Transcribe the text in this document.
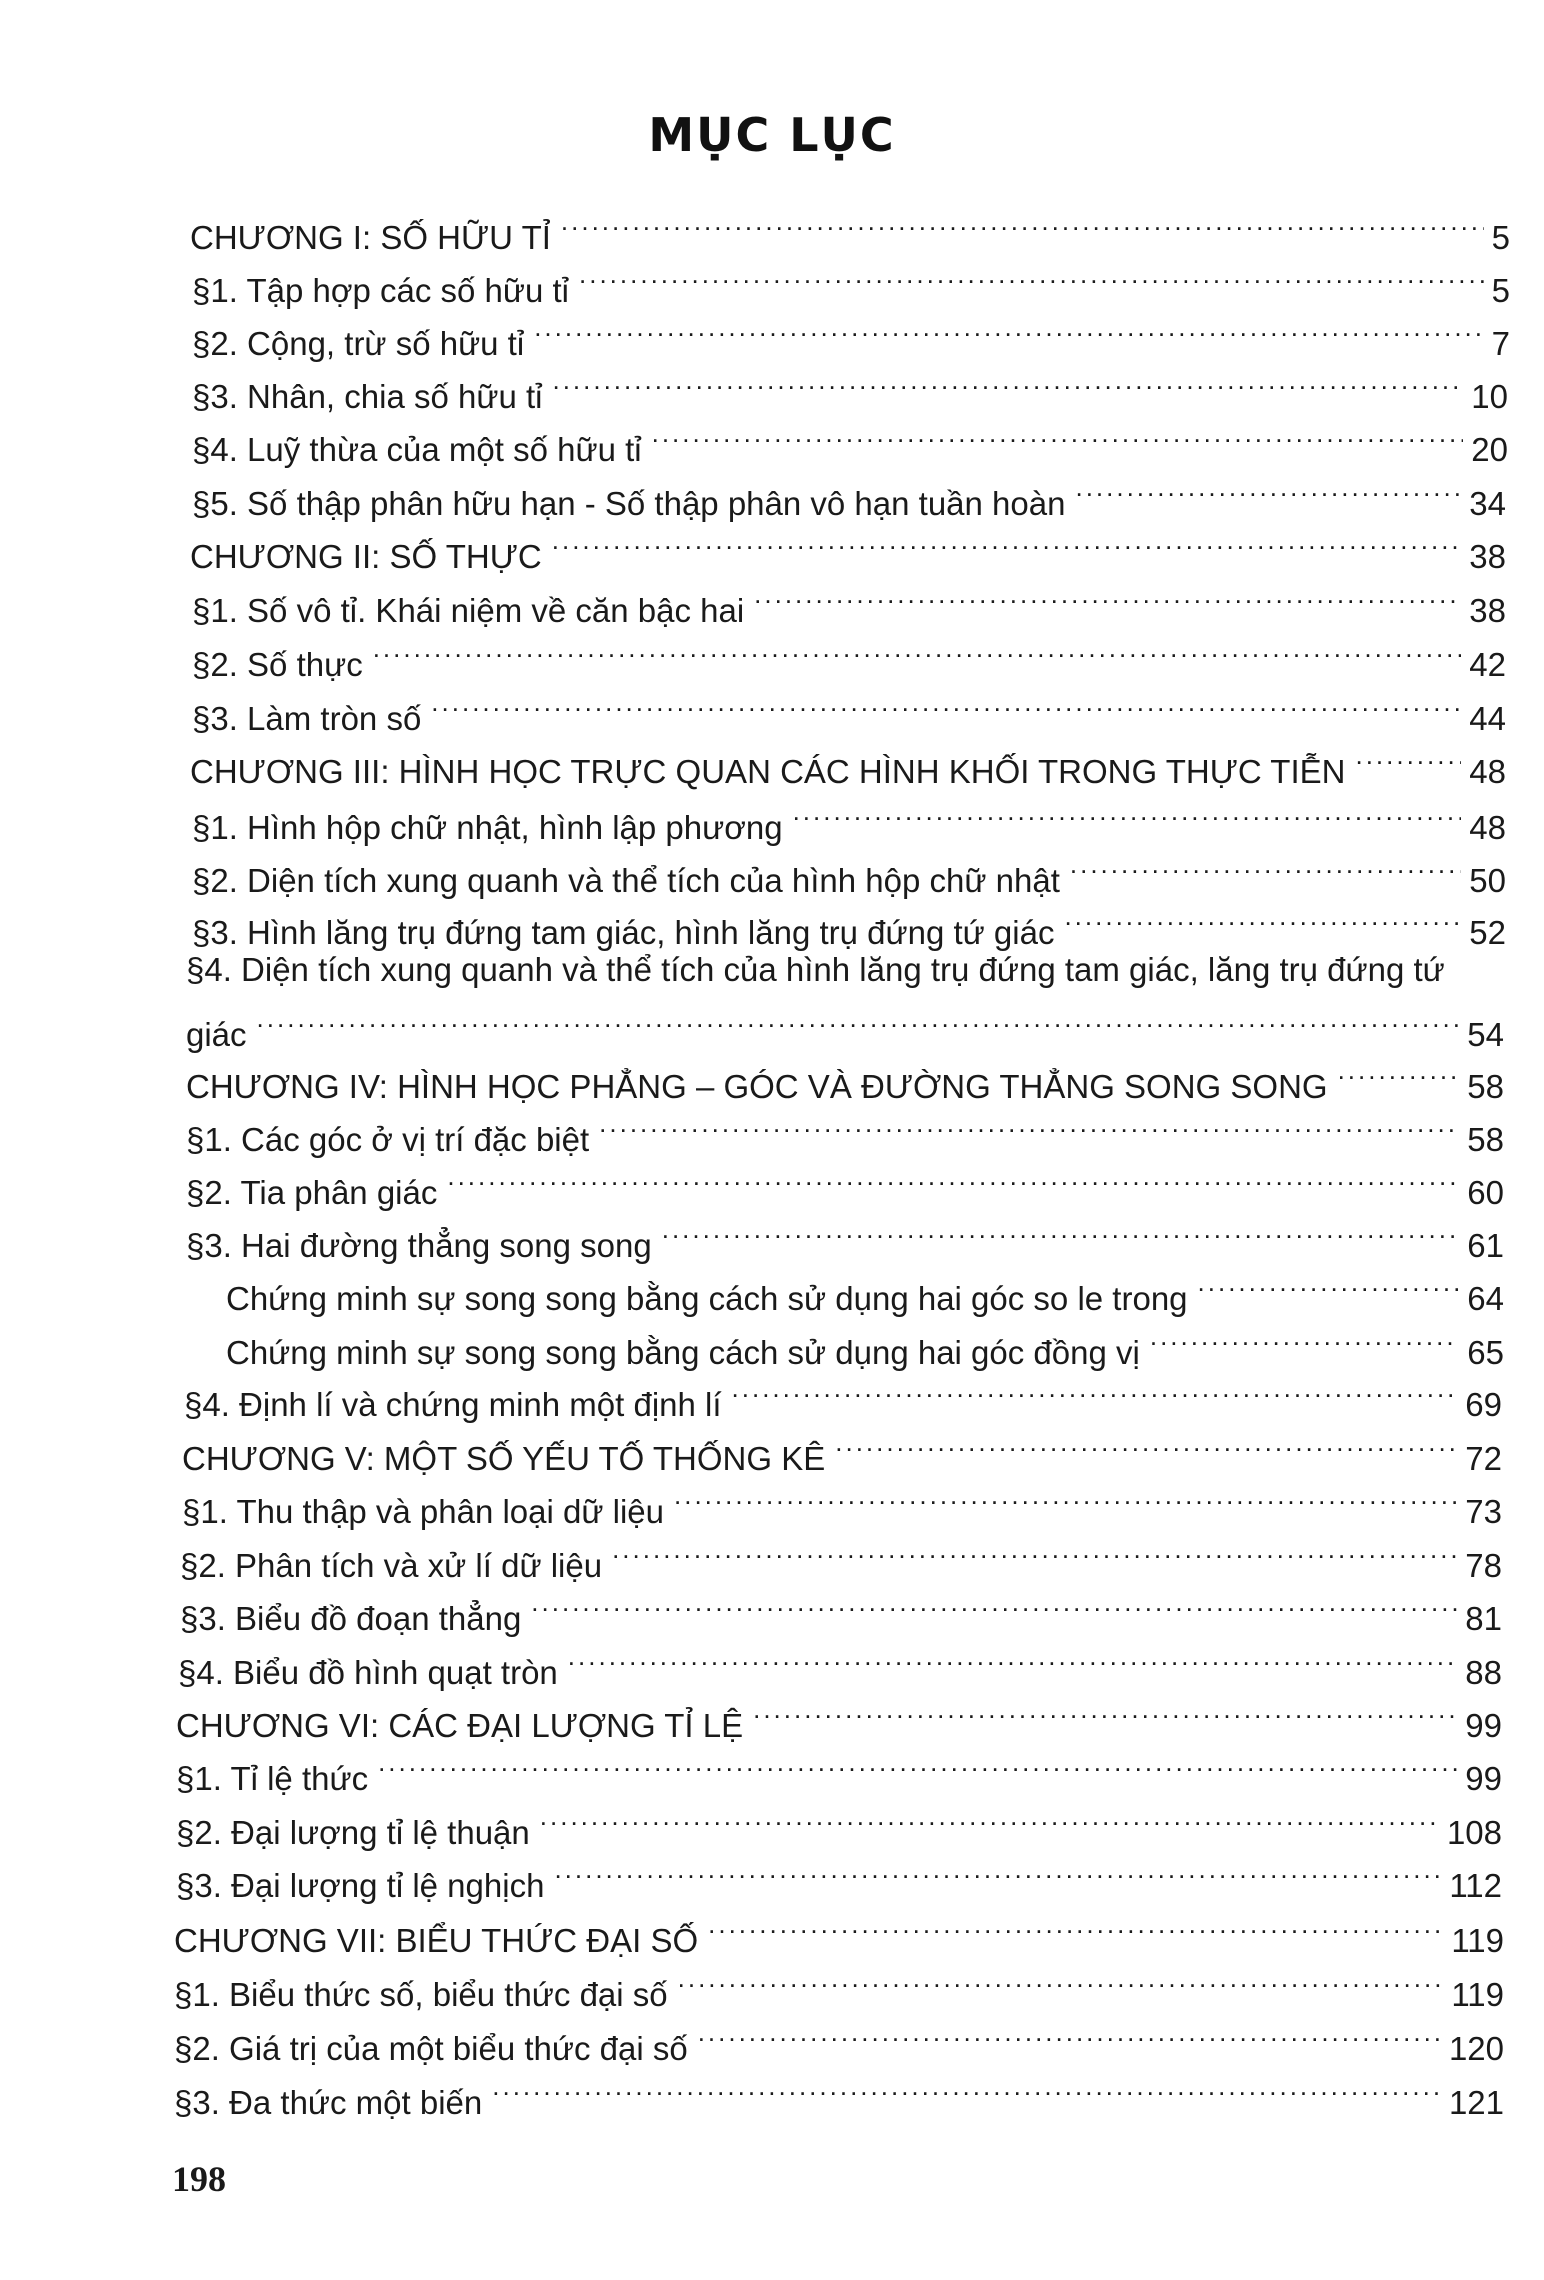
MỤC LỤC
198
CHƯƠNG I: SỐ HỮU TỈ .....	5
§1. Tập hợp các số hữu tỉ .....	5
§2. Cộng, trừ số hữu tỉ .....	7
§3. Nhân, chia số hữu tỉ .....	10
§4. Luỹ thừa của một số hữu tỉ .....	20
§5. Số thập phân hữu hạn - Số thập phân vô hạn tuần hoàn .....	34
CHƯƠNG II: SỐ THỰC .....	38
§1. Số vô tỉ. Khái niệm về căn bậc hai .....	38
§2. Số thực .....	42
§3. Làm tròn số .....	44
CHƯƠNG III: HÌNH HỌC TRỰC QUAN CÁC HÌNH KHỐI TRONG THỰC TIỄN .....	48
§1. Hình hộp chữ nhật, hình lập phương .....	48
§2. Diện tích xung quanh và thể tích của hình hộp chữ nhật .....	50
§3. Hình lăng trụ đứng tam giác, hình lăng trụ đứng tứ giác .....	52
§4. Diện tích xung quanh và thể tích của hình lăng trụ đứng tam giác, lăng trụ đứng tứ
giác .....	54
CHƯƠNG IV: HÌNH HỌC PHẲNG – GÓC VÀ ĐƯỜNG THẲNG SONG SONG .....	58
§1. Các góc ở vị trí đặc biệt .....	58
§2. Tia phân giác .....	60
§3. Hai đường thẳng song song .....	61
Chứng minh sự song song bằng cách sử dụng hai góc so le trong .....	64
Chứng minh sự song song bằng cách sử dụng hai góc đồng vị .....	65
§4. Định lí và chứng minh một định lí .....	69
CHƯƠNG V: MỘT SỐ YẾU TỐ THỐNG KÊ .....	72
§1. Thu thập và phân loại dữ liệu .....	73
§2. Phân tích và xử lí dữ liệu .....	78
§3. Biểu đồ đoạn thẳng .....	81
§4. Biểu đồ hình quạt tròn .....	88
CHƯƠNG VI: CÁC ĐẠI LƯỢNG TỈ LỆ .....	99
§1. Tỉ lệ thức .....	99
§2. Đại lượng tỉ lệ thuận .....	108
§3. Đại lượng tỉ lệ nghịch .....	112
CHƯƠNG VII: BIỂU THỨC ĐẠI SỐ .....	119
§1. Biểu thức số, biểu thức đại số .....	119
§2. Giá trị của một biểu thức đại số .....	120
§3. Đa thức một biến .....	121
